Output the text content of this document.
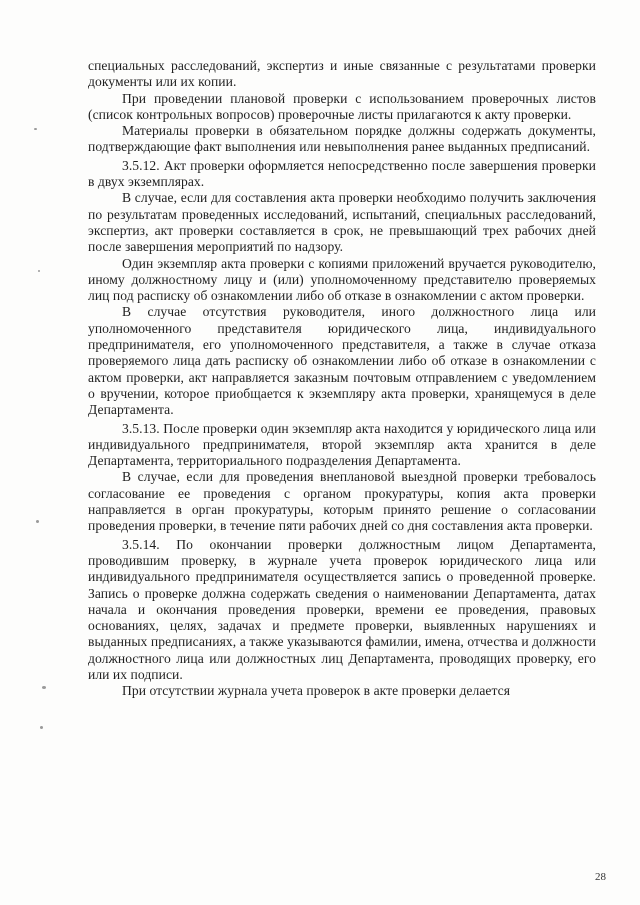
специальных расследований, экспертиз и иные связанные с результатами проверки документы или их копии.

При проведении плановой проверки с использованием проверочных листов (список контрольных вопросов) проверочные листы прилагаются к акту проверки.

Материалы проверки в обязательном порядке должны содержать документы, подтверждающие факт выполнения или невыполнения ранее выданных предписаний.

3.5.12. Акт проверки оформляется непосредственно после завершения проверки в двух экземплярах.

В случае, если для составления акта проверки необходимо получить заключения по результатам проведенных исследований, испытаний, специальных расследований, экспертиз, акт проверки составляется в срок, не превышающий трех рабочих дней после завершения мероприятий по надзору.

Один экземпляр акта проверки с копиями приложений вручается руководителю, иному должностному лицу и (или) уполномоченному представителю проверяемых лиц под расписку об ознакомлении либо об отказе в ознакомлении с актом проверки.

В случае отсутствия руководителя, иного должностного лица или уполномоченного представителя юридического лица, индивидуального предпринимателя, его уполномоченного представителя, а также в случае отказа проверяемого лица дать расписку об ознакомлении либо об отказе в ознакомлении с актом проверки, акт направляется заказным почтовым отправлением с уведомлением о вручении, которое приобщается к экземпляру акта проверки, хранящемуся в деле Департамента.

3.5.13. После проверки один экземпляр акта находится у юридического лица или индивидуального предпринимателя, второй экземпляр акта хранится в деле Департамента, территориального подразделения Департамента.

В случае, если для проведения внеплановой выездной проверки требовалось согласование ее проведения с органом прокуратуры, копия акта проверки направляется в орган прокуратуры, которым принято решение о согласовании проведения проверки, в течение пяти рабочих дней со дня составления акта проверки.

3.5.14. По окончании проверки должностным лицом Департамента, проводившим проверку, в журнале учета проверок юридического лица или индивидуального предпринимателя осуществляется запись о проведенной проверке. Запись о проверке должна содержать сведения о наименовании Департамента, датах начала и окончания проведения проверки, времени ее проведения, правовых основаниях, целях, задачах и предмете проверки, выявленных нарушениях и выданных предписаниях, а также указываются фамилии, имена, отчества и должности должностного лица или должностных лиц Департамента, проводящих проверку, его или их подписи.

При отсутствии журнала учета проверок в акте проверки делается

28
